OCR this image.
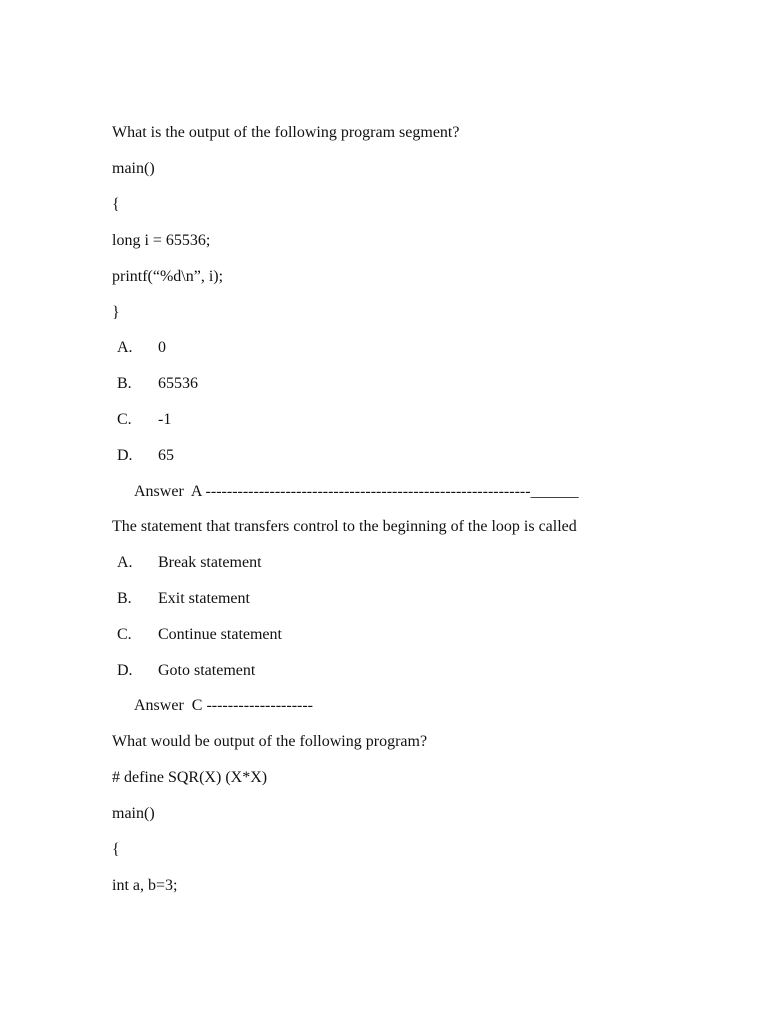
What is the output of the following program segment?
main()
{
long i = 65536;
printf(“%d\n”, i);
}
A. 0
B. 65536
C. -1
D. 65
Answer  A -------------------------------------------------------------______
The statement that transfers control to the beginning of the loop is called
A. Break statement
B. Exit statement
C. Continue statement
D. Goto statement
Answer  C --------------------
What would be output of the following program?
# define SQR(X) (X*X)
main()
{
int a, b=3;
